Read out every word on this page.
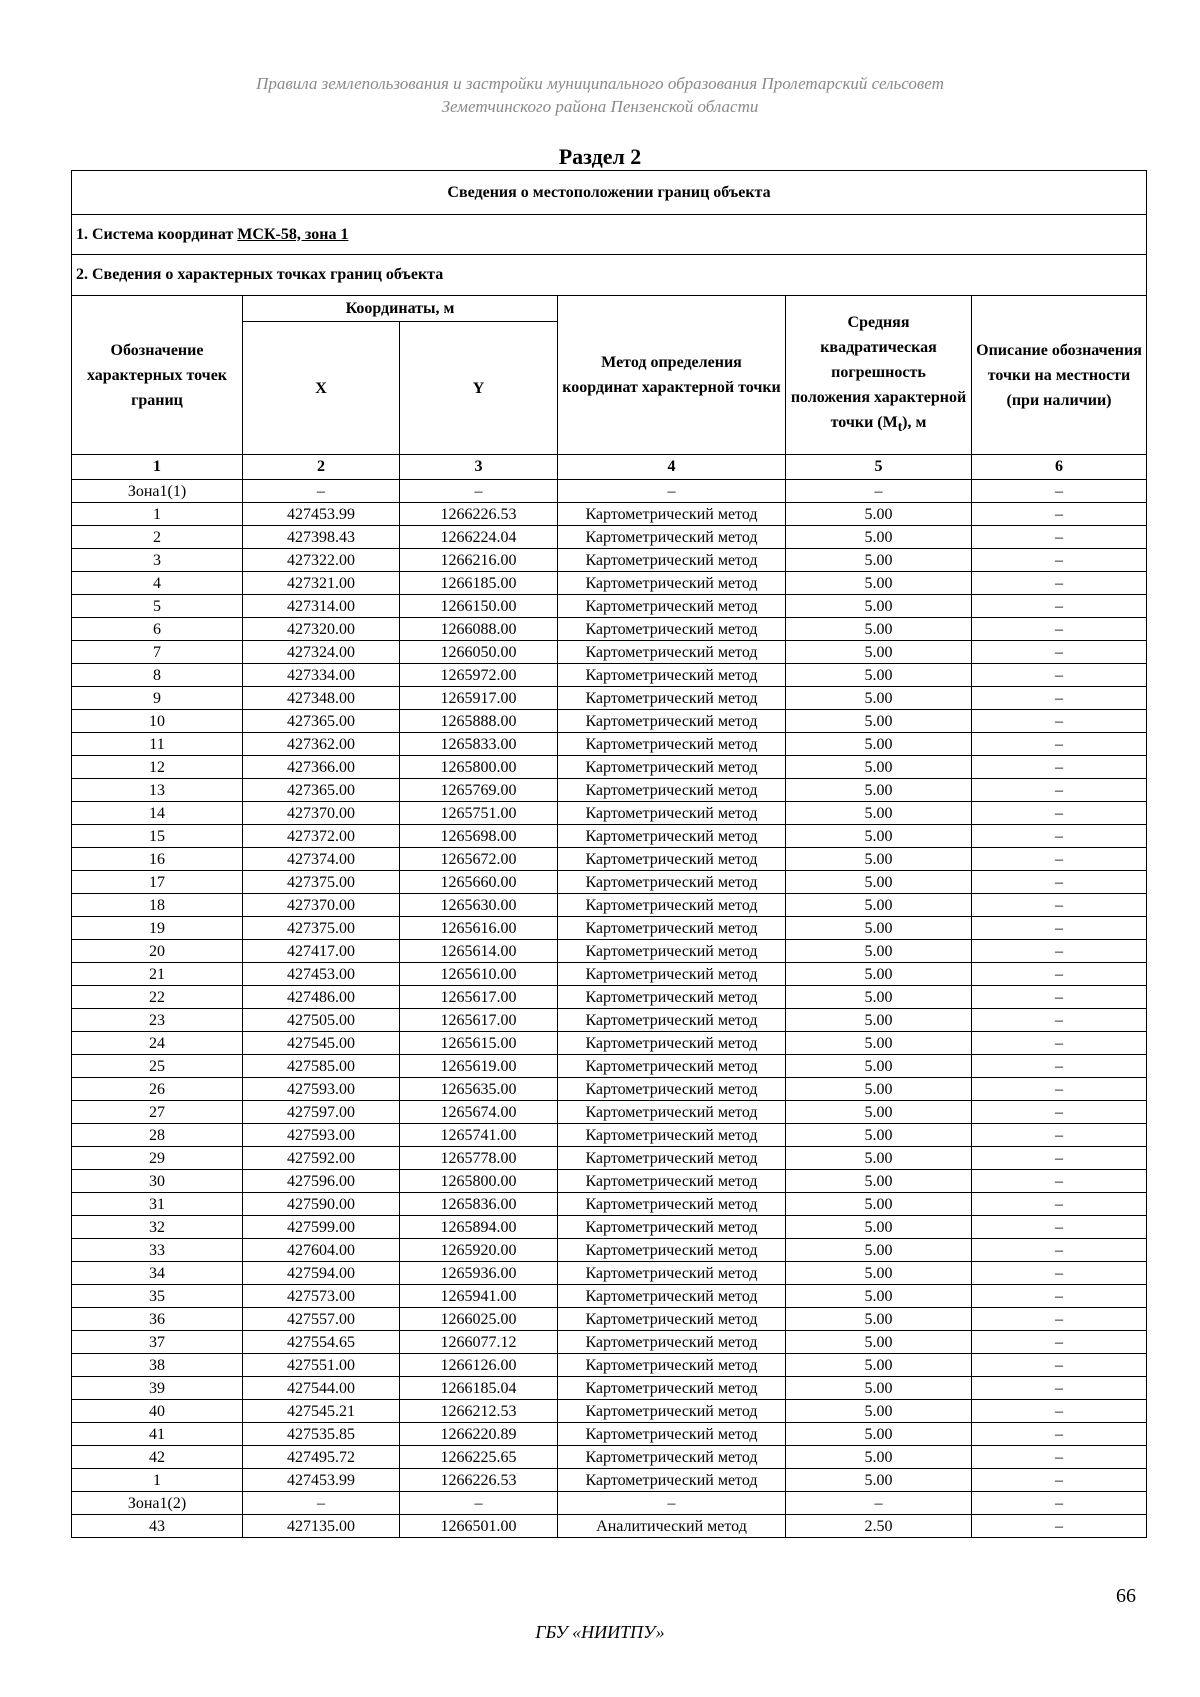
Правила землепользования и застройки муниципального образования Пролетарский сельсовет
Земетчинского района Пензенской области
Раздел 2
Сведения о местоположении границ объекта					
1. Система координат МСК-58, зона 1					
2. Сведения о характерных точках границ объекта					
Обозначение характерных точек границ	Координаты, м		Метод определения координат характерной точки	Средняя квадратическая погрешность положения характерной точки $(M_t)$, м	Описание обозначения точки на местности (при наличии)
	X	Y			
1	2	3	4	5	6
Зона1(1)	–	–	–	–	–
1	427453.99	1266226.53	Картометрический метод	5.00	–
2	427398.43	1266224.04	Картометрический метод	5.00	–
3	427322.00	1266216.00	Картометрический метод	5.00	–
4	427321.00	1266185.00	Картометрический метод	5.00	–
5	427314.00	1266150.00	Картометрический метод	5.00	–
6	427320.00	1266088.00	Картометрический метод	5.00	–
7	427324.00	1266050.00	Картометрический метод	5.00	–
8	427334.00	1265972.00	Картометрический метод	5.00	–
9	427348.00	1265917.00	Картометрический метод	5.00	–
10	427365.00	1265888.00	Картометрический метод	5.00	–
11	427362.00	1265833.00	Картометрический метод	5.00	–
12	427366.00	1265800.00	Картометрический метод	5.00	–
13	427365.00	1265769.00	Картометрический метод	5.00	–
14	427370.00	1265751.00	Картометрический метод	5.00	–
15	427372.00	1265698.00	Картометрический метод	5.00	–
16	427374.00	1265672.00	Картометрический метод	5.00	–
17	427375.00	1265660.00	Картометрический метод	5.00	–
18	427370.00	1265630.00	Картометрический метод	5.00	–
19	427375.00	1265616.00	Картометрический метод	5.00	–
20	427417.00	1265614.00	Картометрический метод	5.00	–
21	427453.00	1265610.00	Картометрический метод	5.00	–
22	427486.00	1265617.00	Картометрический метод	5.00	–
23	427505.00	1265617.00	Картометрический метод	5.00	–
24	427545.00	1265615.00	Картометрический метод	5.00	–
25	427585.00	1265619.00	Картометрический метод	5.00	–
26	427593.00	1265635.00	Картометрический метод	5.00	–
27	427597.00	1265674.00	Картометрический метод	5.00	–
28	427593.00	1265741.00	Картометрический метод	5.00	–
29	427592.00	1265778.00	Картометрический метод	5.00	–
30	427596.00	1265800.00	Картометрический метод	5.00	–
31	427590.00	1265836.00	Картометрический метод	5.00	–
32	427599.00	1265894.00	Картометрический метод	5.00	–
33	427604.00	1265920.00	Картометрический метод	5.00	–
34	427594.00	1265936.00	Картометрический метод	5.00	–
35	427573.00	1265941.00	Картометрический метод	5.00	–
36	427557.00	1266025.00	Картометрический метод	5.00	–
37	427554.65	1266077.12	Картометрический метод	5.00	–
38	427551.00	1266126.00	Картометрический метод	5.00	–
39	427544.00	1266185.04	Картометрический метод	5.00	–
40	427545.21	1266212.53	Картометрический метод	5.00	–
41	427535.85	1266220.89	Картометрический метод	5.00	–
42	427495.72	1266225.65	Картометрический метод	5.00	–
1	427453.99	1266226.53	Картометрический метод	5.00	–
Зона1(2)	–	–	–	–	–
43	427135.00	1266501.00	Аналитический метод	2.50	–
66
ГБУ «НИИТПУ»
